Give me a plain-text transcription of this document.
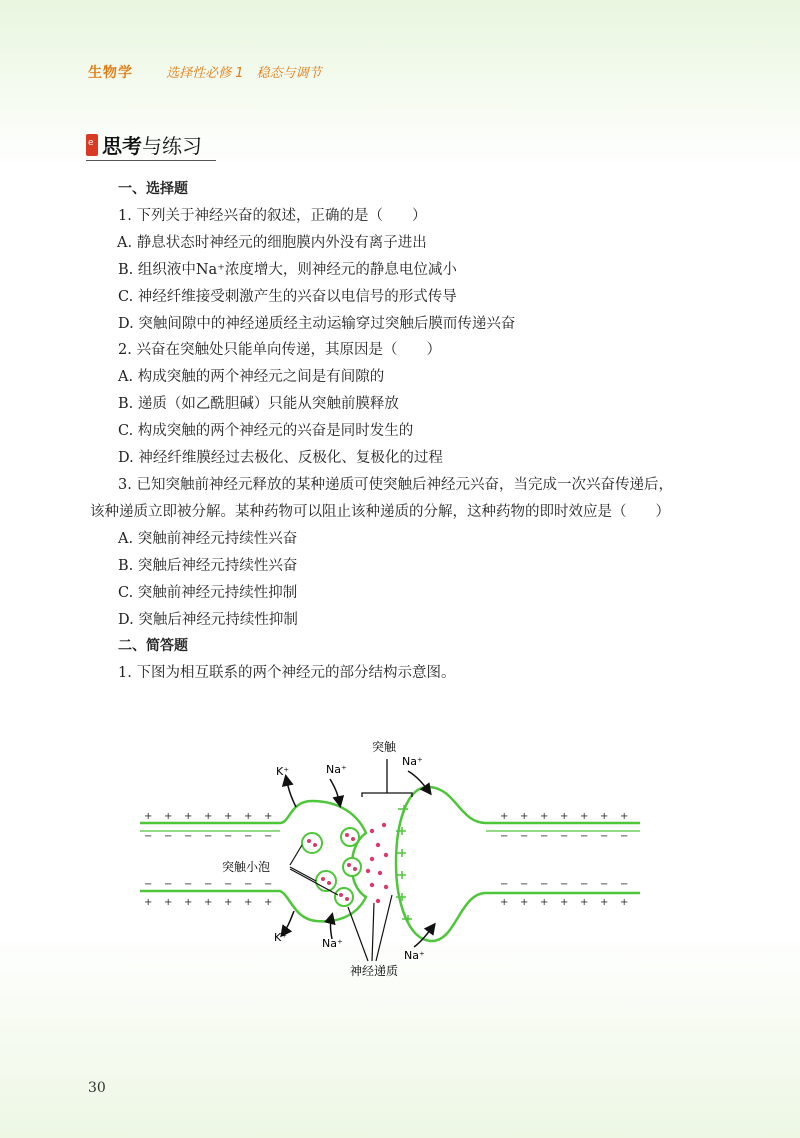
生物学	选择性必修 1　稳态与调节
e 思考与练习
一、选择题
1. 下列关于神经兴奋的叙述，正确的是（　　）
A. 静息状态时神经元的细胞膜内外没有离子进出
B. 组织液中Na⁺浓度增大，则神经元的静息电位减小
C. 神经纤维接受刺激产生的兴奋以电信号的形式传导
D. 突触间隙中的神经递质经主动运输穿过突触后膜而传递兴奋
2. 兴奋在突触处只能单向传递，其原因是（　　）
A. 构成突触的两个神经元之间是有间隙的
B. 递质（如乙酰胆碱）只能从突触前膜释放
C. 构成突触的两个神经元的兴奋是同时发生的
D. 神经纤维膜经过去极化、反极化、复极化的过程
3. 已知突触前神经元释放的某种递质可使突触后神经元兴奋，当完成一次兴奋传递后，该种递质立即被分解。某种药物可以阻止该种递质的分解，这种药物的即时效应是（　　）
A. 突触前神经元持续性兴奋
B. 突触后神经元持续性兴奋
C. 突触前神经元持续性抑制
D. 突触后神经元持续性抑制
二、简答题
1. 下图为相互联系的两个神经元的部分结构示意图。
+ + + + + + +
− − − − − − −
− − − − − − −
+ + + + + + +
+ + + + + + +
− − − − − − −
− − − − − − −
+ + + + + + +
突触
K⁺	Na⁺
K⁺	Na⁺
Na⁺
Na⁺
突触小泡
神经递质
30
